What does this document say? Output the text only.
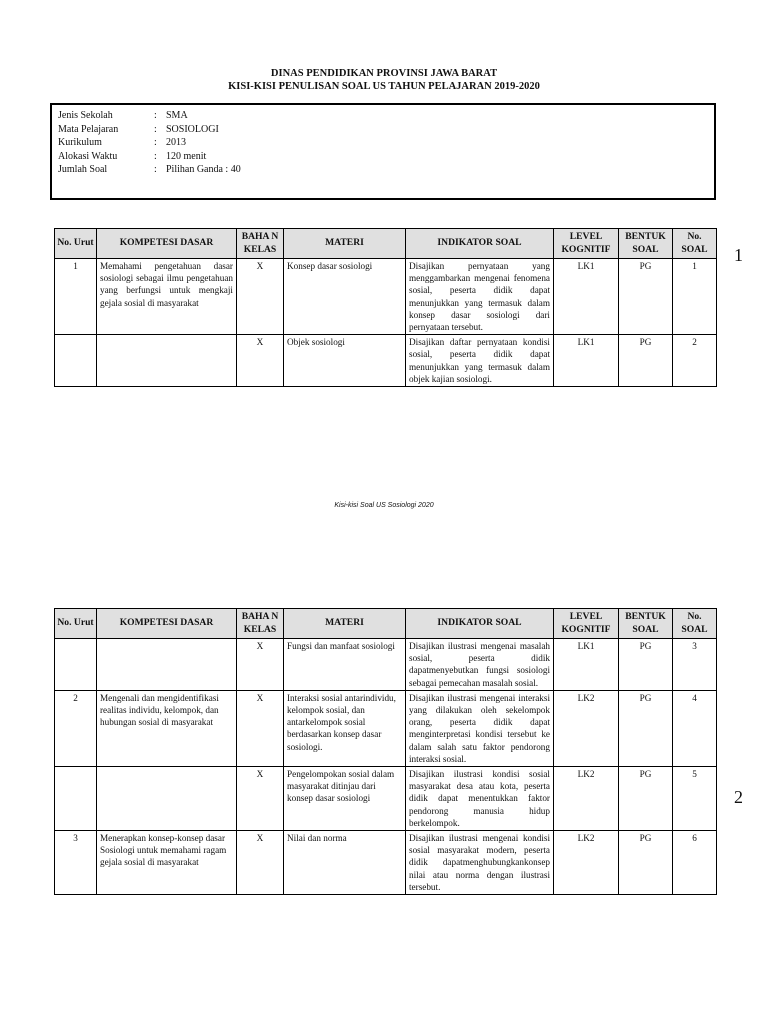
DINAS PENDIDIKAN PROVINSI JAWA BARAT
KISI-KISI PENULISAN SOAL US TAHUN PELAJARAN 2019-2020
Jenis Sekolah	: SMA
Mata Pelajaran	: SOSIOLOGI
Kurikulum	: 2013
Alokasi Waktu	: 120 menit
Jumlah Soal	: Pilihan Ganda : 40
No. Urut	KOMPETESI DASAR	BAHA N KELAS	MATERI	INDIKATOR SOAL	LEVEL KOGNITIF	BENTUK SOAL	No. SOAL
1	Memahami pengetahuan dasar sosiologi sebagai ilmu pengetahuan yang berfungsi untuk mengkaji gejala sosial di masyarakat	X	Konsep dasar sosiologi	Disajikan pernyataan yang menggambarkan mengenai fenomena sosial, peserta didik dapat menunjukkan yang termasuk dalam konsep dasar sosiologi dari pernyataan tersebut.	LK1	PG	1
		X	Objek sosiologi	Disajikan daftar pernyataan kondisi sosial, peserta didik dapat menunjukkan yang termasuk dalam objek kajian sosiologi.	LK1	PG	2
1
Kisi-kisi Soal US Sosiologi 2020
No. Urut	KOMPETESI DASAR	BAHA N KELAS	MATERI	INDIKATOR SOAL	LEVEL KOGNITIF	BENTUK SOAL	No. SOAL
		X	Fungsi dan manfaat sosiologi	Disajikan ilustrasi mengenai masalah sosial, peserta didik dapatmenyebutkan fungsi sosiologi sebagai pemecahan masalah sosial.	LK1	PG	3
2	Mengenali dan mengidentifikasi realitas individu, kelompok, dan hubungan sosial di masyarakat	X	Interaksi sosial antarindividu, kelompok sosial, dan antarkelompok sosial berdasarkan konsep dasar sosiologi.	Disajikan ilustrasi mengenai interaksi yang dilakukan oleh sekelompok orang, peserta didik dapat menginterpretasi kondisi tersebut ke dalam salah satu faktor pendorong interaksi sosial.	LK2	PG	4
		X	Pengelompokan sosial dalam masyarakat ditinjau dari konsep dasar sosiologi	Disajikan ilustrasi kondisi sosial masyarakat desa atau kota, peserta didik dapat menentukkan faktor pendorong manusia hidup berkelompok.	LK2	PG	5
3	Menerapkan konsep-konsep dasar Sosiologi untuk memahami ragam gejala sosial di masyarakat	X	Nilai dan norma	Disajikan ilustrasi mengenai kondisi sosial masyarakat modern, peserta didik dapatmenghubungkankonsep nilai atau norma dengan ilustrasi tersebut.	LK2	PG	6
2
